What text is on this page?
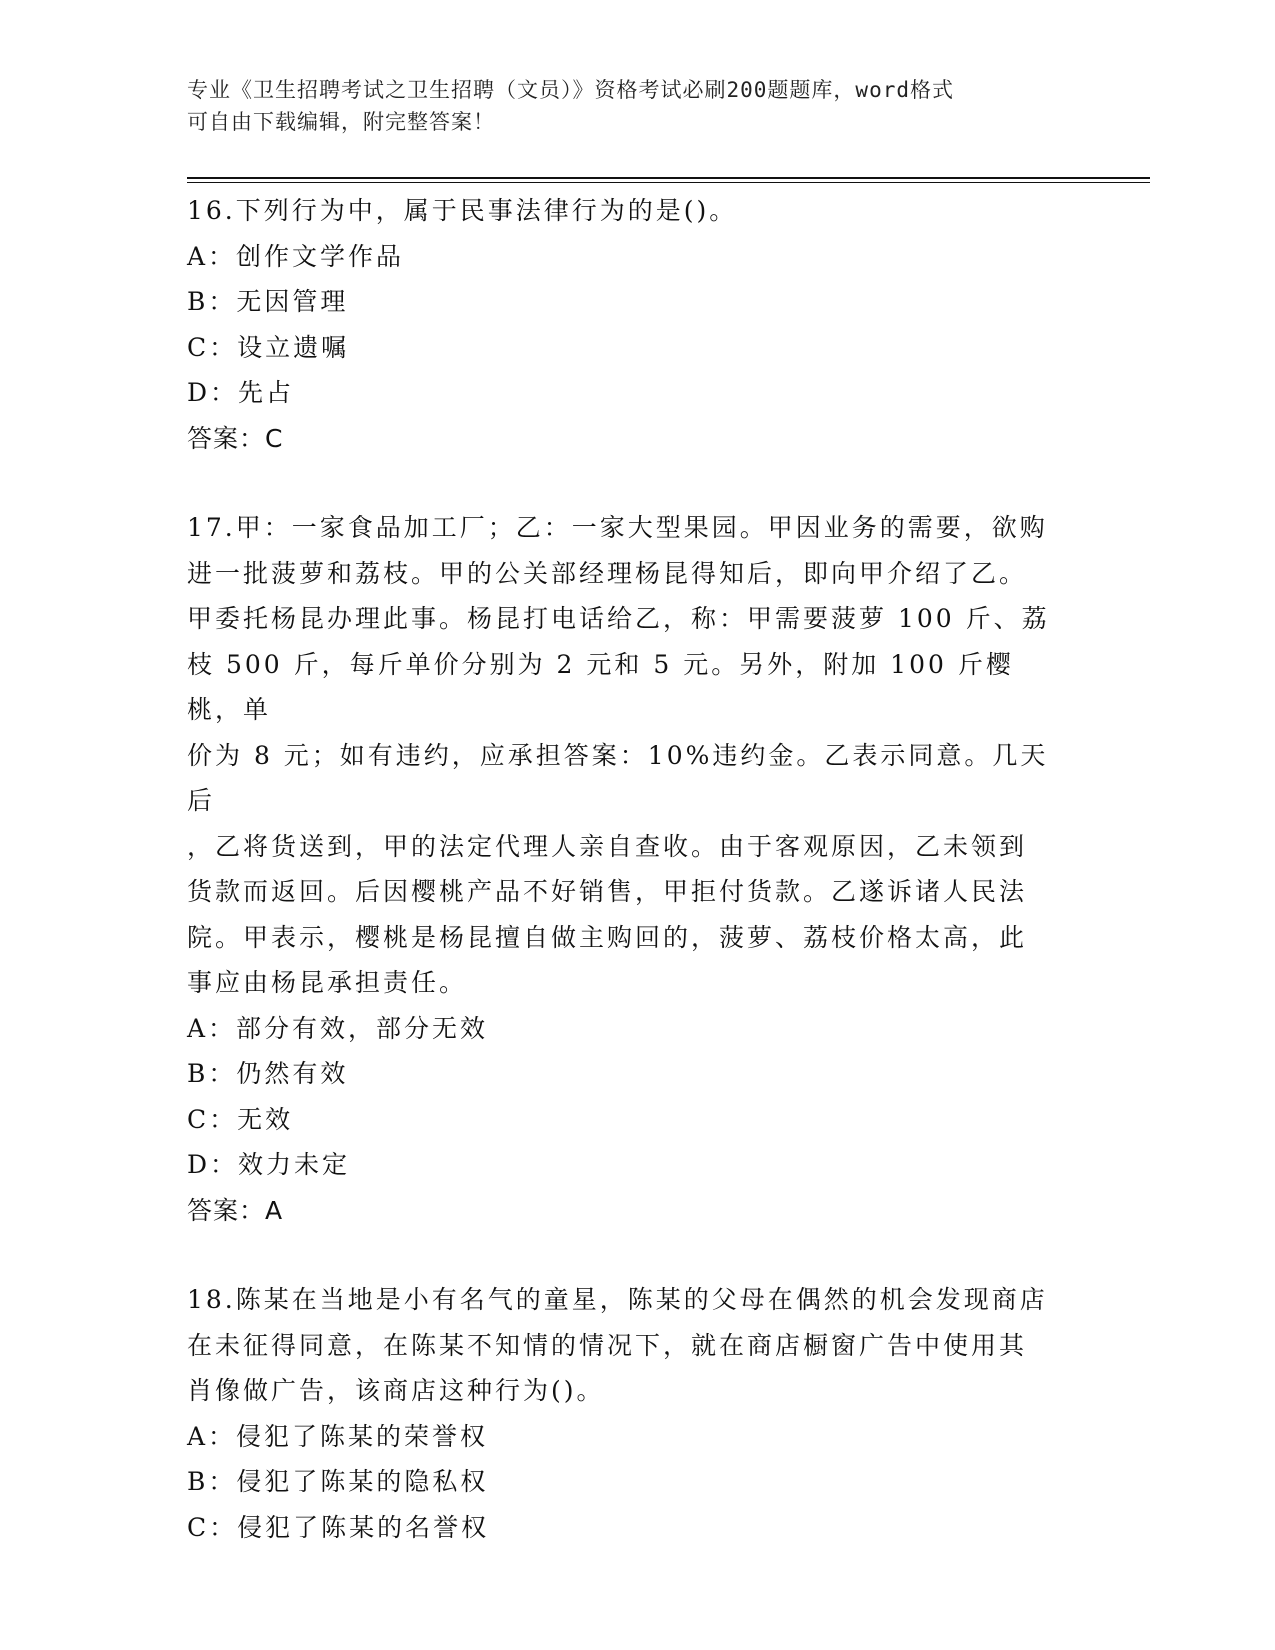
专业《卫生招聘考试之卫生招聘（文员）》资格考试必刷200题题库，word格式
可自由下载编辑，附完整答案！

16.下列行为中，属于民事法律行为的是()。

A：创作文学作品

B：无因管理

C：设立遗嘱

D：先占

答案：C

17.甲：一家食品加工厂；乙：一家大型果园。甲因业务的需要，欲购

进一批菠萝和荔枝。甲的公关部经理杨昆得知后，即向甲介绍了乙。

甲委托杨昆办理此事。杨昆打电话给乙，称：甲需要菠萝 100 斤、荔

枝 500 斤，每斤单价分别为 2 元和 5 元。另外，附加 100 斤樱桃，单

价为 8 元；如有违约，应承担答案：10%违约金。乙表示同意。几天后

，乙将货送到，甲的法定代理人亲自查收。由于客观原因，乙未领到

货款而返回。后因樱桃产品不好销售，甲拒付货款。乙遂诉诸人民法

院。甲表示，樱桃是杨昆擅自做主购回的，菠萝、荔枝价格太高，此

事应由杨昆承担责任。

A：部分有效，部分无效

B：仍然有效

C：无效

D：效力未定

答案：A

18.陈某在当地是小有名气的童星，陈某的父母在偶然的机会发现商店

在未征得同意，在陈某不知情的情况下，就在商店橱窗广告中使用其

肖像做广告，该商店这种行为()。

A：侵犯了陈某的荣誉权

B：侵犯了陈某的隐私权

C：侵犯了陈某的名誉权
